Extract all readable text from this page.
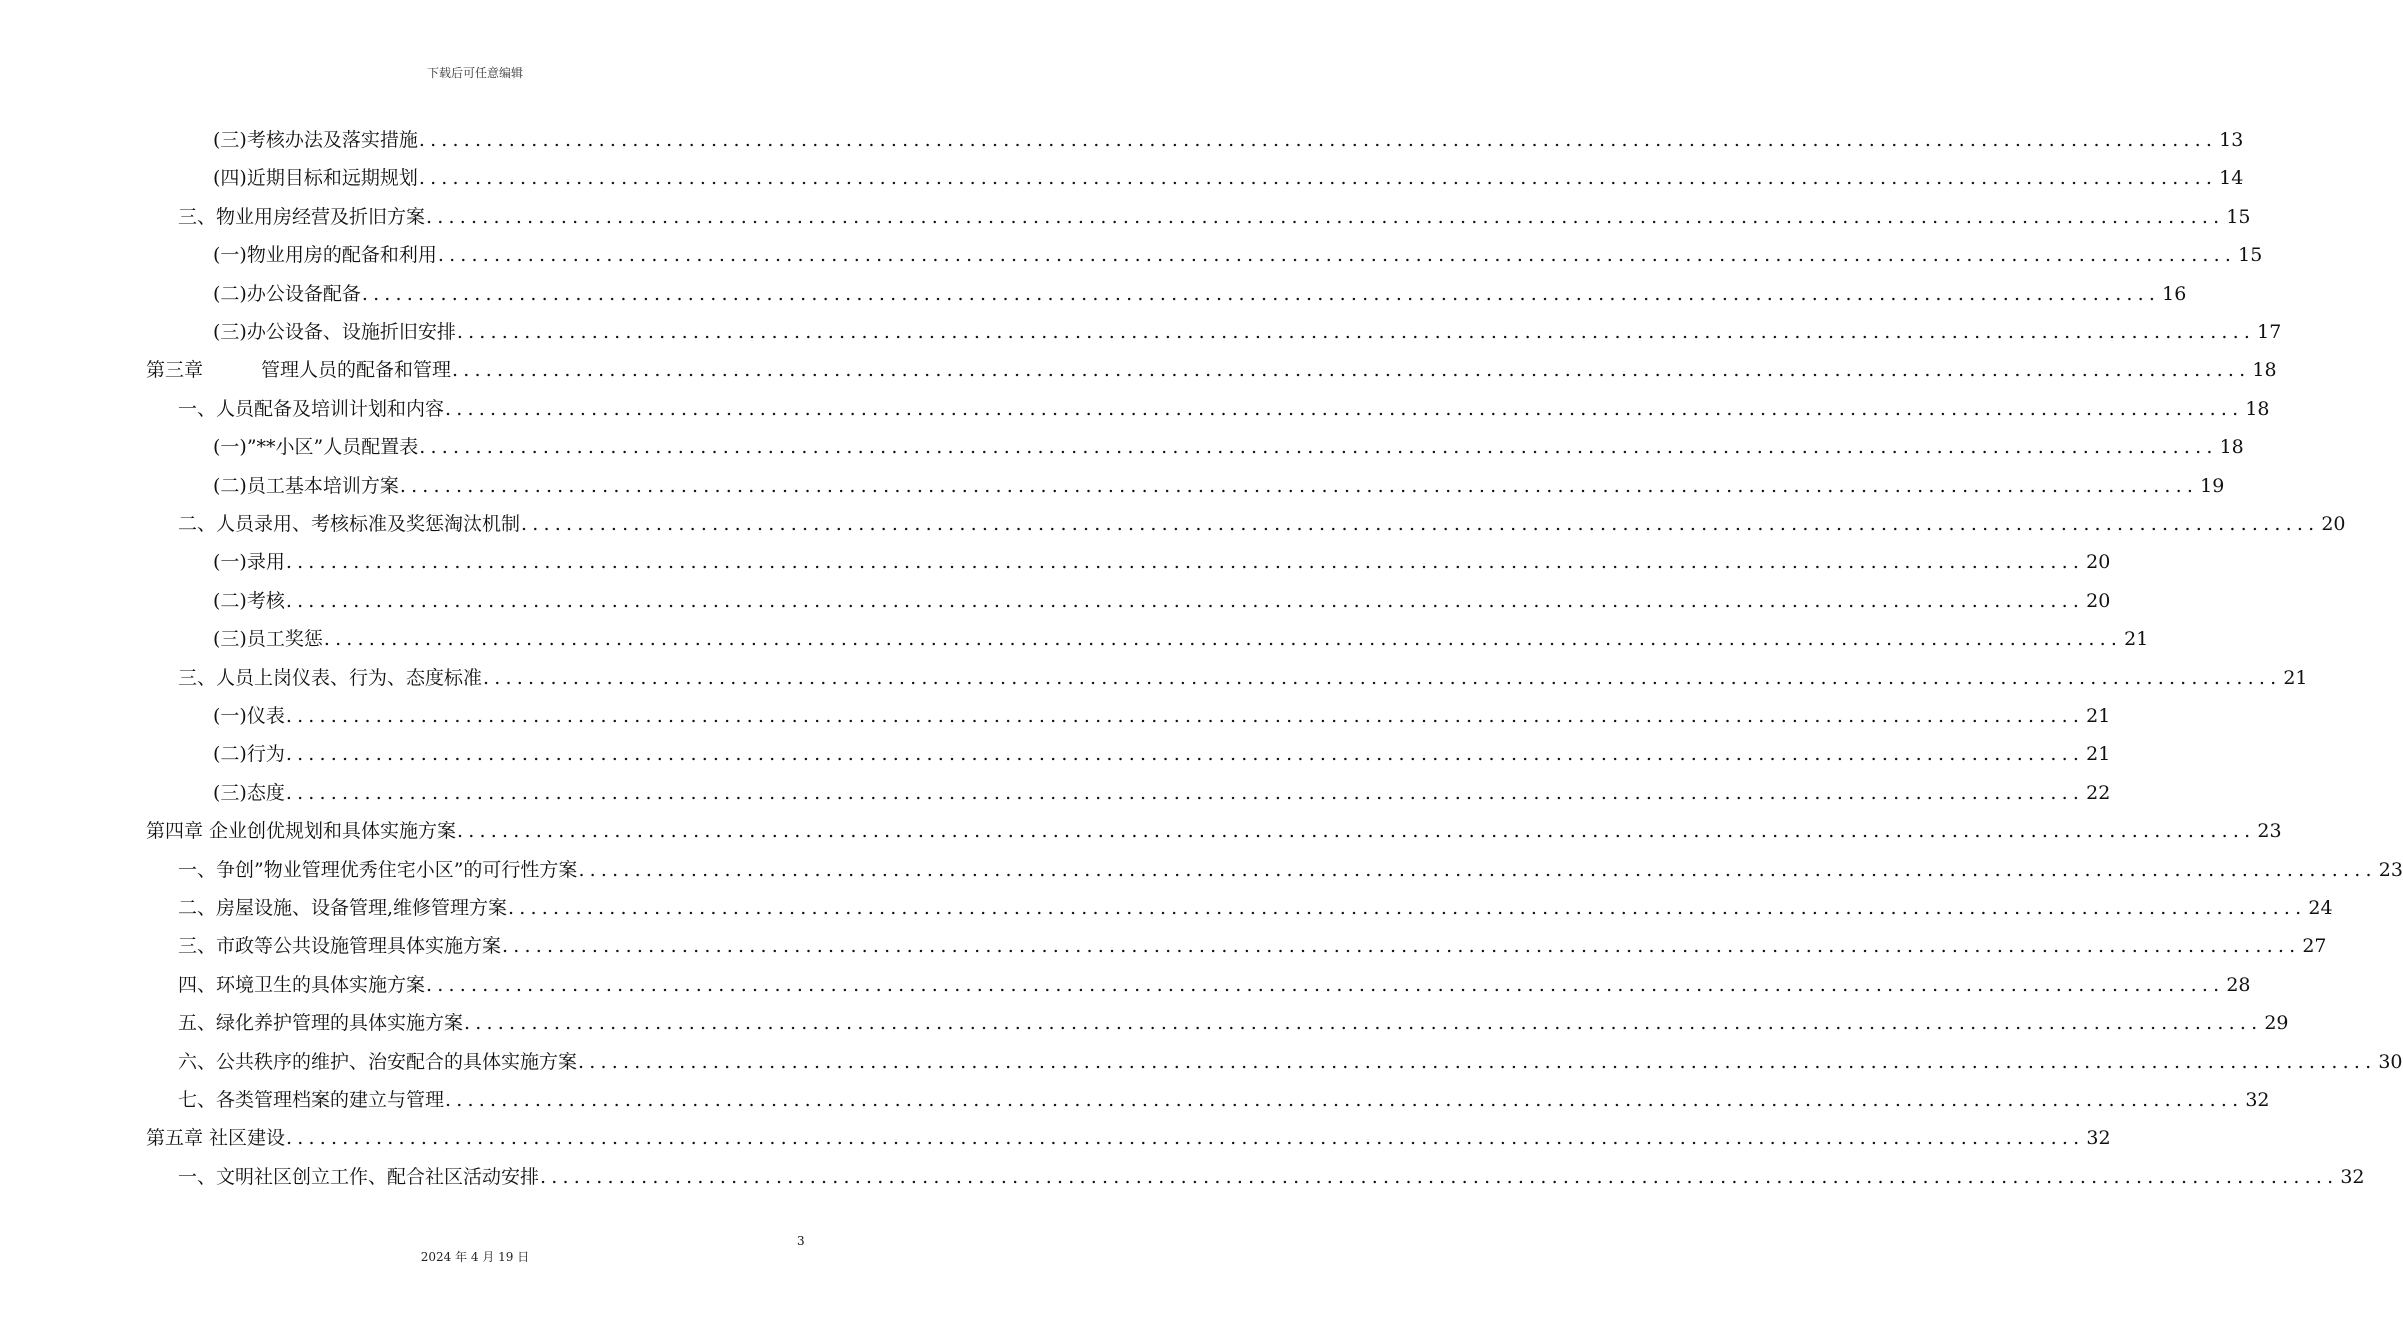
下载后可任意编辑
(三)考核办法及落实措施 ................................................................................................................................................................ 13
(四)近期目标和远期规划 ................................................................................................................................................................ 14
三、物业用房经营及折旧方案 ................................................................................................................................................................ 15
(一)物业用房的配备和利用 ................................................................................................................................................................ 15
(二)办公设备配备 ................................................................................................................................................................ 16
(三)办公设备、设施折旧安排 ................................................................................................................................................................ 17
第三章	管理人员的配备和管理 ................................................................................................................................................................ 18
一、人员配备及培训计划和内容 ................................................................................................................................................................ 18
(一)”**小区”人员配置表 ................................................................................................................................................................ 18
(二)员工基本培训方案 ................................................................................................................................................................ 19
二、人员录用、考核标准及奖惩淘汰机制 ................................................................................................................................................................ 20
(一)录用 ................................................................................................................................................................ 20
(二)考核 ................................................................................................................................................................ 20
(三)员工奖惩 ................................................................................................................................................................ 21
三、人员上岗仪表、行为、态度标准 ................................................................................................................................................................ 21
(一)仪表 ................................................................................................................................................................ 21
(二)行为 ................................................................................................................................................................ 21
(三)态度 ................................................................................................................................................................ 22
第四章 企业创优规划和具体实施方案 ................................................................................................................................................................ 23
一、争创”物业管理优秀住宅小区”的可行性方案 ................................................................................................................................................................ 23
二、房屋设施、设备管理,维修管理方案 ................................................................................................................................................................ 24
三、市政等公共设施管理具体实施方案 ................................................................................................................................................................ 27
四、环境卫生的具体实施方案 ................................................................................................................................................................ 28
五、绿化养护管理的具体实施方案 ................................................................................................................................................................ 29
六、公共秩序的维护、治安配合的具体实施方案 ................................................................................................................................................................ 30
七、各类管理档案的建立与管理 ................................................................................................................................................................ 32
第五章 社区建设 ................................................................................................................................................................ 32
一、文明社区创立工作、配合社区活动安排 ................................................................................................................................................................ 32
3
2024 年 4 月 19 日
